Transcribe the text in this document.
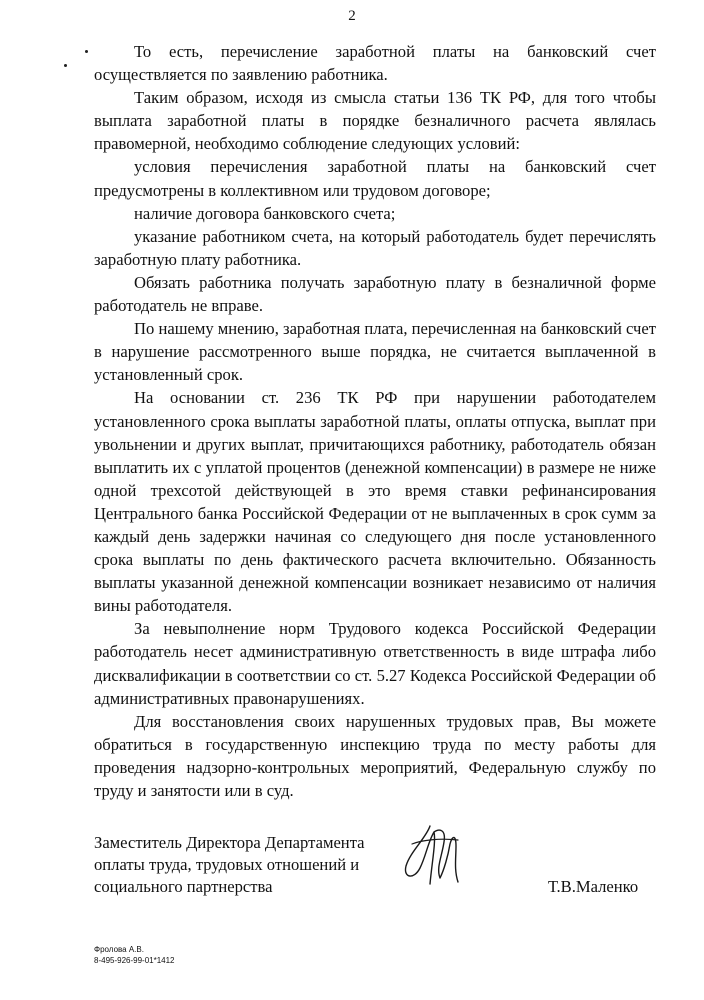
2

То есть, перечисление заработной платы на банковский счет осуществляется по заявлению работника.

Таким образом, исходя из смысла статьи 136 ТК РФ, для того чтобы выплата заработной платы в порядке безналичного расчета являлась правомерной, необходимо соблюдение следующих условий:

условия перечисления заработной платы на банковский счет предусмотрены в коллективном или трудовом договоре;

наличие договора банковского счета;

указание работником счета, на который работодатель будет перечислять заработную плату работника.

Обязать работника получать заработную плату в безналичной форме работодатель не вправе.

По нашему мнению, заработная плата, перечисленная на банковский счет в нарушение рассмотренного выше порядка, не считается выплаченной в установленный срок.

На основании ст. 236 ТК РФ при нарушении работодателем установленного срока выплаты заработной платы, оплаты отпуска, выплат при увольнении и других выплат, причитающихся работнику, работодатель обязан выплатить их с уплатой процентов (денежной компенсации) в размере не ниже одной трехсотой действующей в это время ставки рефинансирования Центрального банка Российской Федерации от не выплаченных в срок сумм за каждый день задержки начиная со следующего дня после установленного срока выплаты по день фактического расчета включительно. Обязанность выплаты указанной денежной компенсации возникает независимо от наличия вины работодателя.

За невыполнение норм Трудового кодекса Российской Федерации работодатель несет административную ответственность в виде штрафа либо дисквалификации в соответствии со ст. 5.27 Кодекса Российской Федерации об административных правонарушениях.

Для восстановления своих нарушенных трудовых прав, Вы можете обратиться в государственную инспекцию труда по месту работы для проведения надзорно-контрольных мероприятий, Федеральную службу по труду и занятости или в суд.

Заместитель Директора Департамента
оплаты труда, трудовых отношений и
социального партнерства	Т.В.Маленко
Фролова А.В.
8-495-926-99-01*1412
